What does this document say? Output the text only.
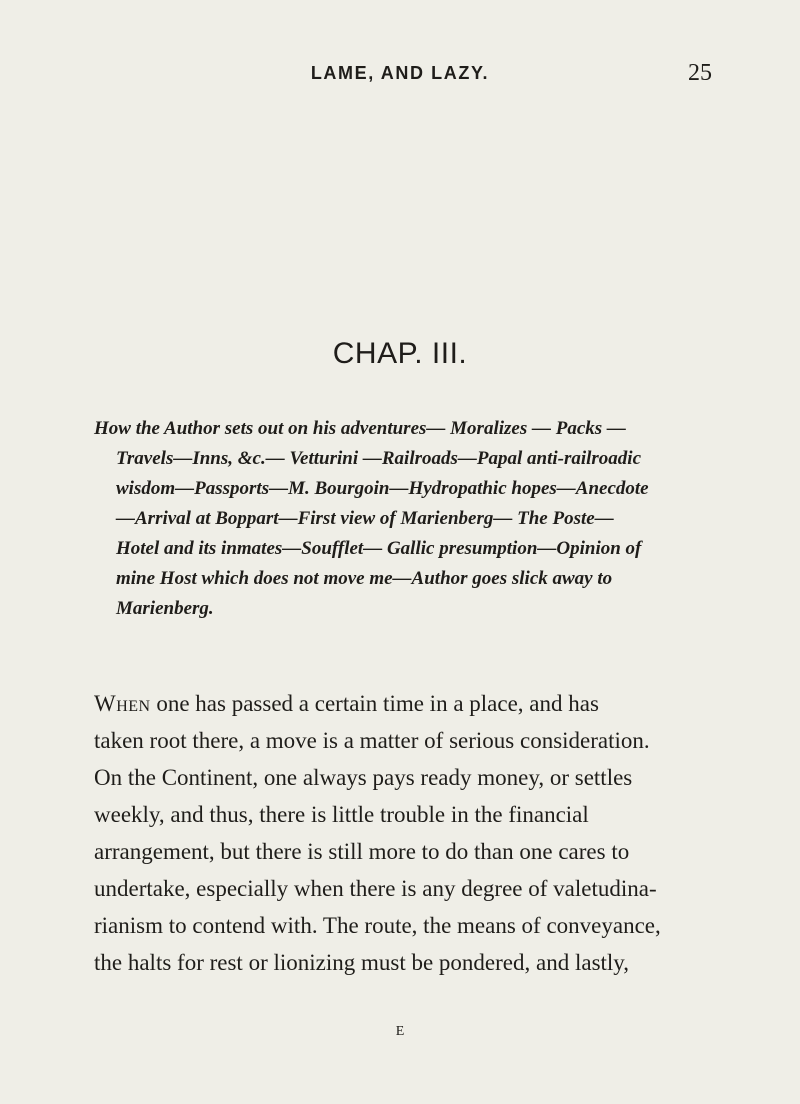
LAME, AND LAZY.	25
CHAP. III.
How the Author sets out on his adventures— Moralizes — Packs —
Travels—Inns, &c.— Vetturini —Railroads—Papal anti-railroadic
wisdom—Passports—M. Bourgoin—Hydropathic hopes—Anecdote
—Arrival at Boppart—First view of Marienberg— The Poste—
Hotel and its inmates—Soufflet— Gallic presumption—Opinion of
mine Host which does not move me—Author goes slick away to
Marienberg.
When one has passed a certain time in a place, and has
taken root there, a move is a matter of serious consideration.
On the Continent, one always pays ready money, or settles
weekly, and thus, there is little trouble in the financial
arrangement, but there is still more to do than one cares to
undertake, especially when there is any degree of valetudina-
rianism to contend with. The route, the means of conveyance,
the halts for rest or lionizing must be pondered, and lastly,
E
